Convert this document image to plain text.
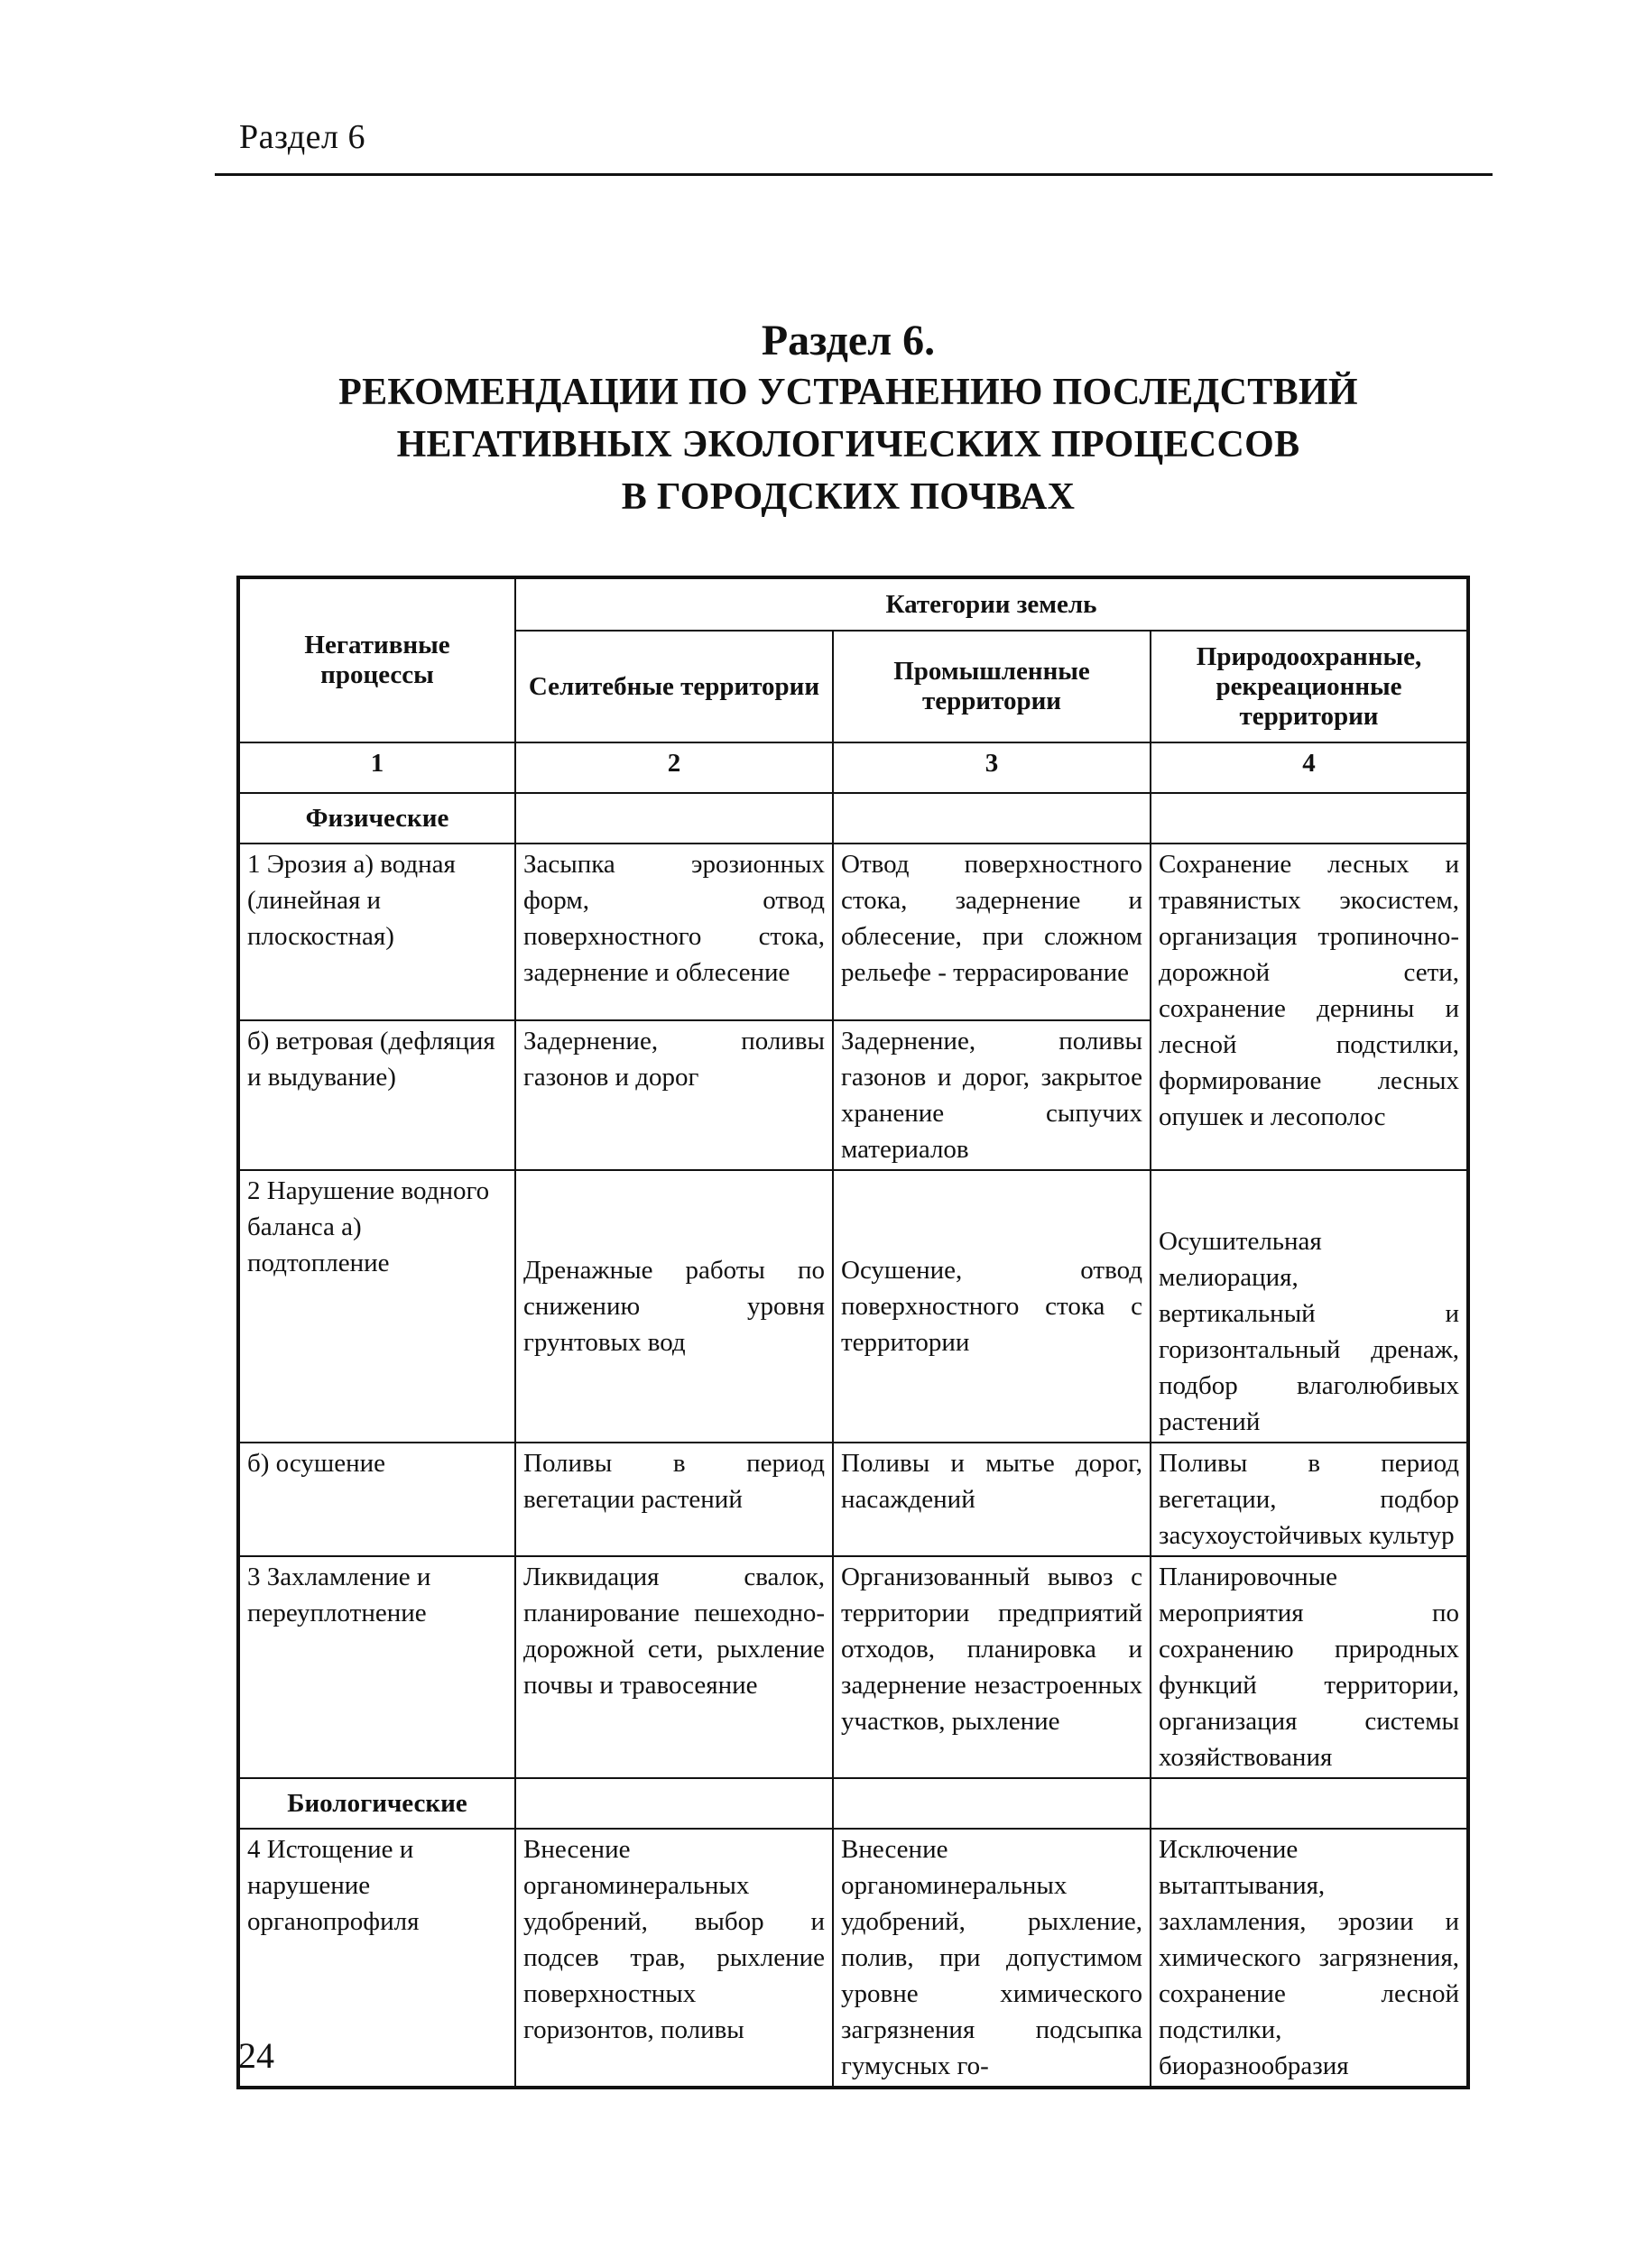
Раздел 6
Раздел 6.
РЕКОМЕНДАЦИИ ПО УСТРАНЕНИЮ ПОСЛЕДСТВИЙ
НЕГАТИВНЫХ ЭКОЛОГИЧЕСКИХ ПРОЦЕССОВ
В ГОРОДСКИХ ПОЧВАХ
Негативные процессы	Категории земель		
	Селитебные территории	Промышленные территории	Природоохранные, рекреационные территории
1	2	3	4
Физические			
1 Эрозия а) водная (линейная и плоскостная)	Засыпка эрозионных форм, отвод поверхностного стока, задернение и облесение	Отвод поверхностного стока, задернение и облесение, при сложном рельефе - террасирование	Сохранение лесных и травянистых экосистем, организация тропиночно-дорожной сети, сохранение дернины и лесной подстилки, формирование лесных опушек и лесополос
б) ветровая (дефляция и выдувание)	Задернение, поливы газонов и дорог	Задернение, поливы газонов и дорог, закрытое хранение сыпучих материалов	
2 Нарушение водного баланса а) подтопление	Дренажные работы по снижению уровня грунтовых вод	Осушение, отвод поверхностного стока с территории	Осушительная мелиорация, вертикальный и горизонтальный дренаж, подбор влаголюбивых растений
б) осушение	Поливы в период вегетации растений	Поливы и мытье дорог, насаждений	Поливы в период вегетации, подбор засухоустойчивых культур
3 Захламление и переуплотнение	Ликвидация свалок, планирование пешеходно-дорожной сети, рыхление почвы и травосеяние	Организованный вывоз с территории предприятий отходов, планировка и задернение незастроенных участков, рыхление	Планировочные мероприятия по сохранению природных функций территории, организация системы хозяйствования
Биологические			
4 Истощение и нарушение органопрофиля	Внесение органоминеральных удобрений, выбор и подсев трав, рыхление поверхностных горизонтов, поливы	Внесение органоминеральных удобрений, рыхление, полив, при допустимом уровне химического загрязнения подсыпка гумусных го-	Исключение вытаптывания, захламления, эрозии и химического загрязнения, сохранение лесной подстилки, биоразнообразия
24
